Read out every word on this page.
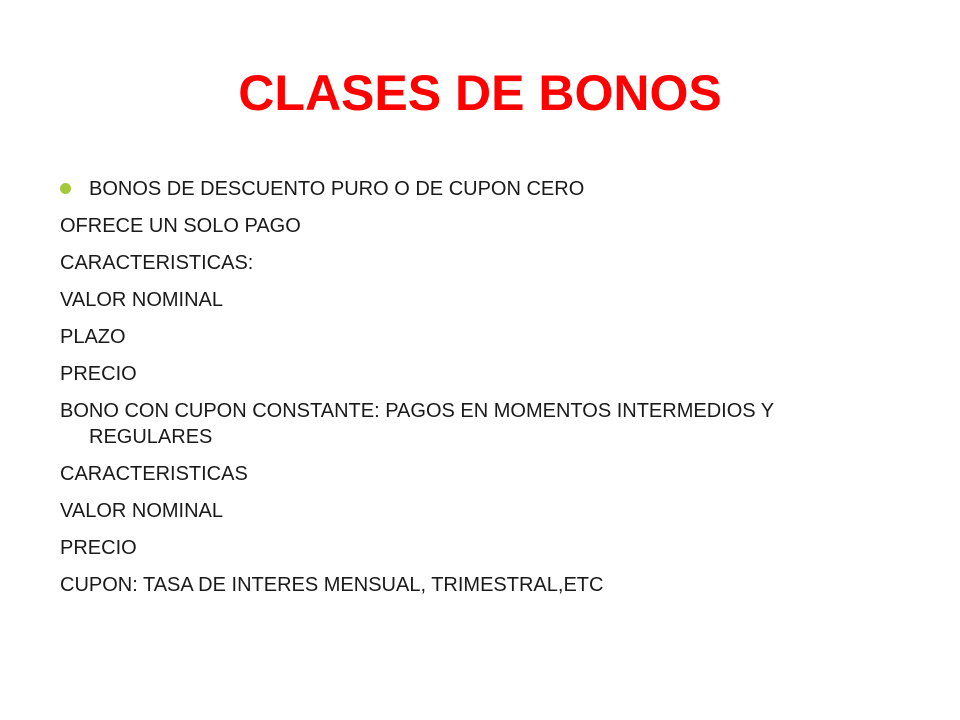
CLASES DE BONOS
BONOS DE DESCUENTO PURO O DE CUPON CERO
OFRECE UN SOLO PAGO
CARACTERISTICAS:
VALOR NOMINAL
PLAZO
PRECIO
BONO CON CUPON CONSTANTE: PAGOS EN MOMENTOS INTERMEDIOS Y REGULARES
CARACTERISTICAS
VALOR NOMINAL
PRECIO
CUPON: TASA DE INTERES MENSUAL, TRIMESTRAL,ETC
